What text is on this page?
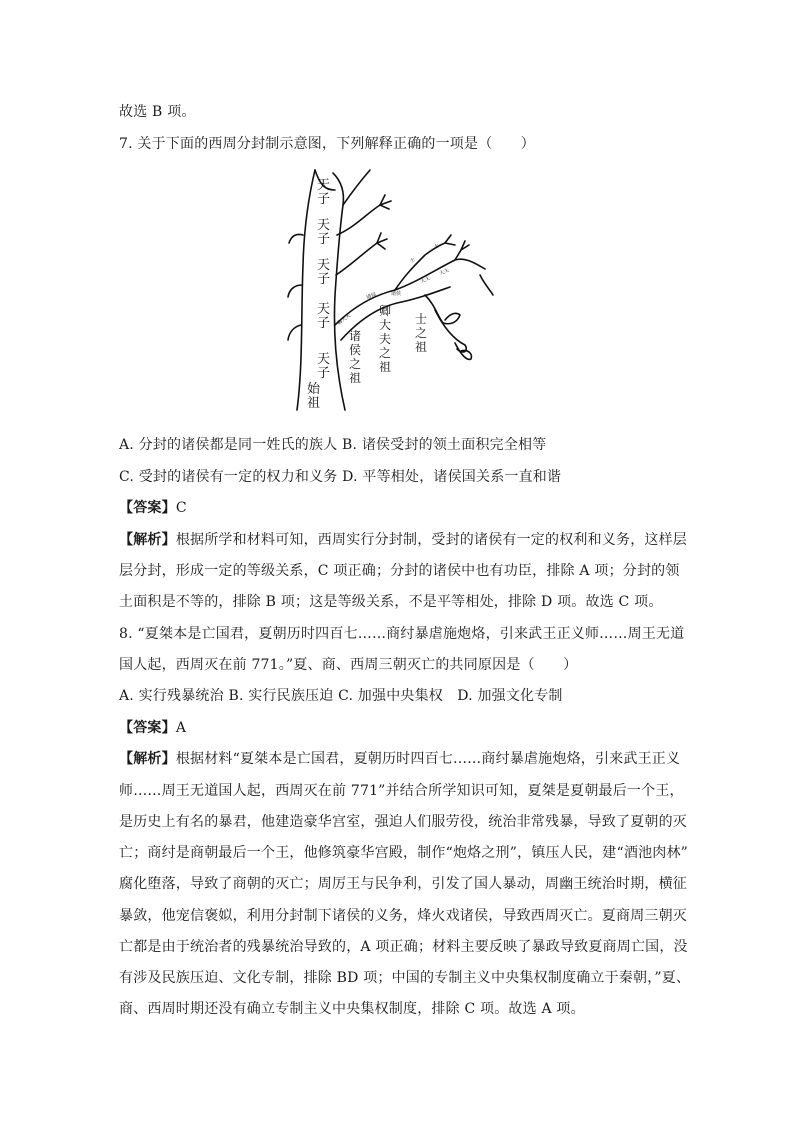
故选 B 项。
7. 关于下面的西周分封制示意图，下列解释正确的一项是（　　）
天子
天子
天子
天子
天子
始祖
诸侯之祖
卿大夫之祖
士之祖
卿大夫
诸侯	诸侯
大夫
大夫
士
士
A. 分封的诸侯都是同一姓氏的族人 B. 诸侯受封的领土面积完全相等
C. 受封的诸侯有一定的权力和义务 D. 平等相处，诸侯国关系一直和谐
【答案】C
【解析】根据所学和材料可知，西周实行分封制，受封的诸侯有一定的权利和义务，这样层
层分封，形成一定的等级关系，C 项正确；分封的诸侯中也有功臣，排除 A 项；分封的领
土面积是不等的，排除 B 项；这是等级关系，不是平等相处，排除 D 项。故选 C 项。
8. “夏桀本是亡国君，夏朝历时四百七……商纣暴虐施炮烙，引来武王正义师……周王无道
国人起，西周灭在前 771。”夏、商、西周三朝灭亡的共同原因是（　　）
A. 实行残暴统治 B. 实行民族压迫 C. 加强中央集权　D. 加强文化专制
【答案】A
【解析】根据材料“夏桀本是亡国君，夏朝历时四百七……商纣暴虐施炮烙，引来武王正义
师……周王无道国人起，西周灭在前 771”并结合所学知识可知，夏桀是夏朝最后一个王，
是历史上有名的暴君，他建造豪华宫室，强迫人们服劳役，统治非常残暴，导致了夏朝的灭
亡；商纣是商朝最后一个王，他修筑豪华宫殿，制作“炮烙之刑”，镇压人民，建“酒池肉林”
腐化堕落，导致了商朝的灭亡；周厉王与民争利，引发了国人暴动，周幽王统治时期，横征
暴敛，他宠信褒姒，利用分封制下诸侯的义务，烽火戏诸侯，导致西周灭亡。夏商周三朝灭
亡都是由于统治者的残暴统治导致的，A 项正确；材料主要反映了暴政导致夏商周亡国，没
有涉及民族压迫、文化专制，排除 BD 项；中国的专制主义中央集权制度确立于秦朝，”夏、
商、西周时期还没有确立专制主义中央集权制度，排除 C 项。故选 A 项。
